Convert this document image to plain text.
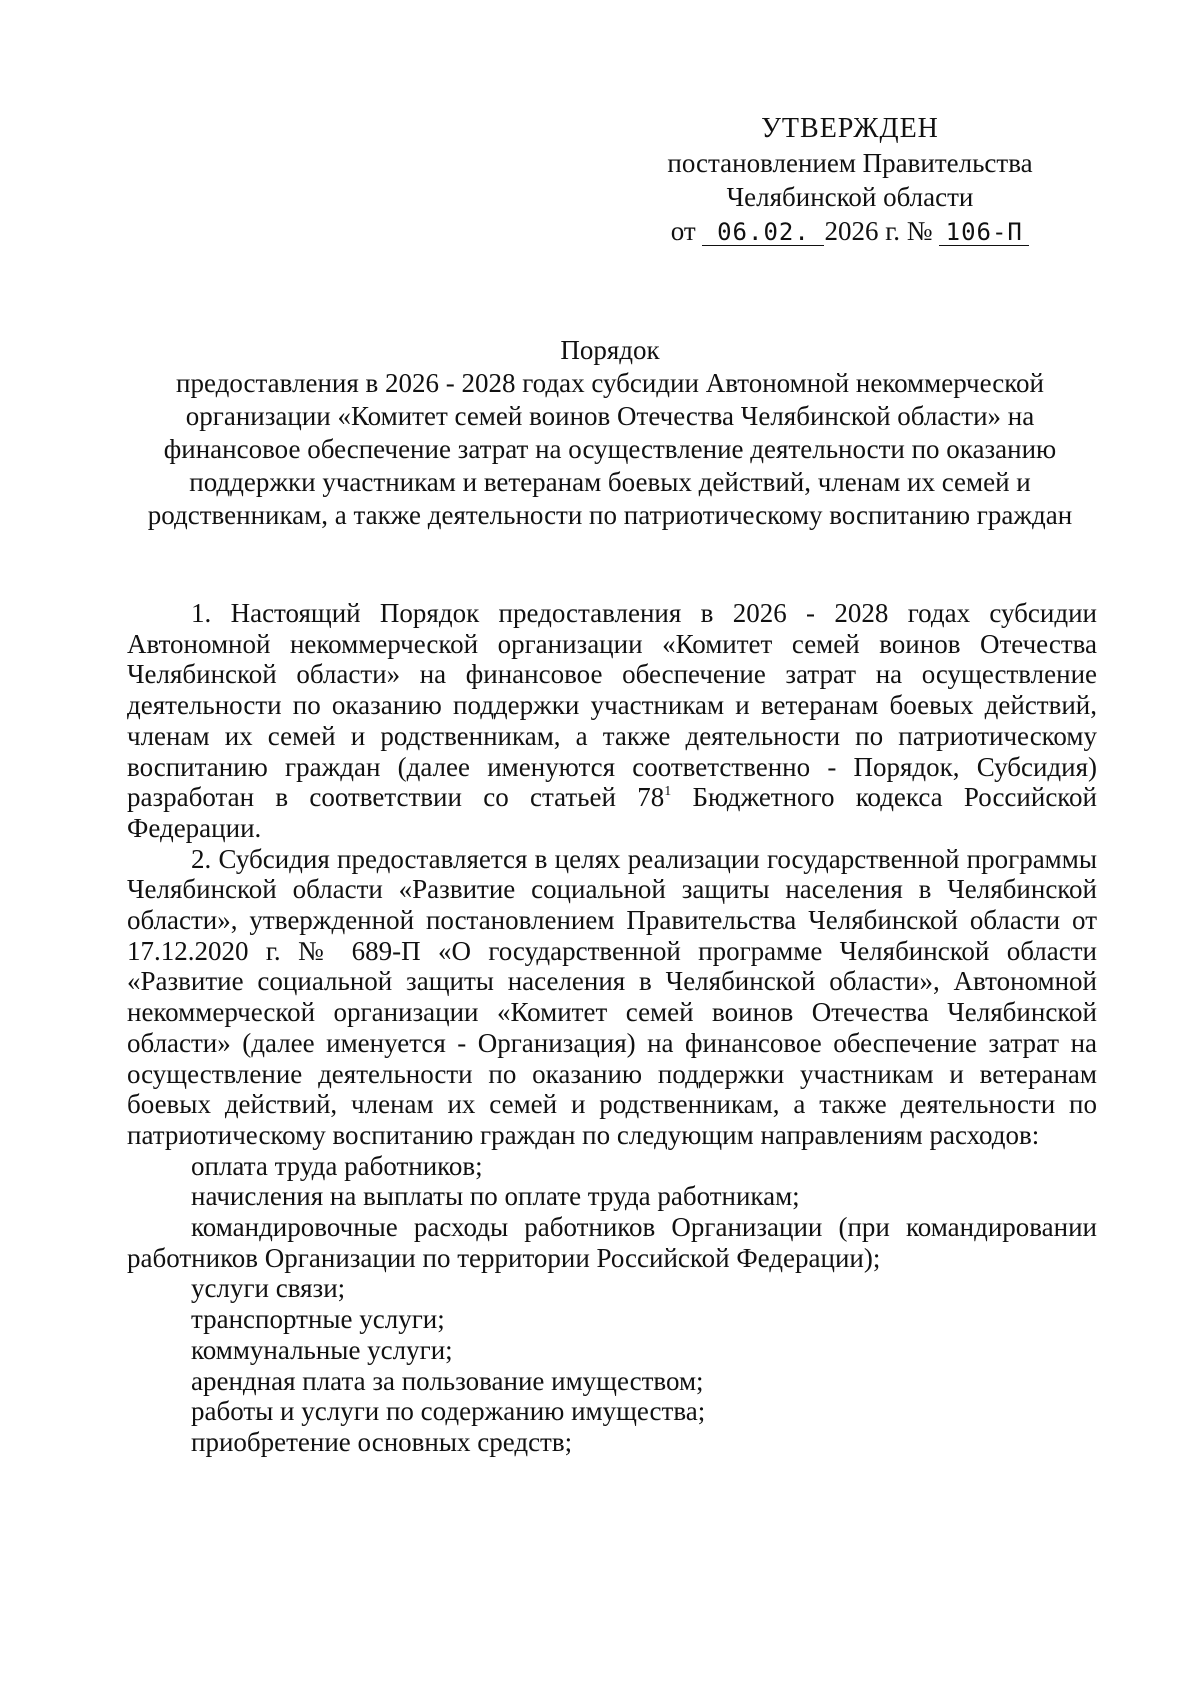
УТВЕРЖДЕН
постановлением Правительства
Челябинской области
от 06.02. 2026 г. № 106-П
Порядок
предоставления в 2026 - 2028 годах субсидии Автономной некоммерческой
организации «Комитет семей воинов Отечества Челябинской области» на
финансовое обеспечение затрат на осуществление деятельности по оказанию
поддержки участникам и ветеранам боевых действий, членам их семей и
родственникам, а также деятельности по патриотическому воспитанию граждан

1. Настоящий Порядок предоставления в 2026 - 2028 годах субсидии Автономной некоммерческой организации «Комитет семей воинов Отечества Челябинской области» на финансовое обеспечение затрат на осуществление деятельности по оказанию поддержки участникам и ветеранам боевых действий, членам их семей и родственникам, а также деятельности по патриотическому воспитанию граждан (далее именуются соответственно - Порядок, Субсидия) разработан в соответствии со статьей $78^1$ Бюджетного кодекса Российской Федерации.

2. Субсидия предоставляется в целях реализации государственной программы Челябинской области «Развитие социальной защиты населения в Челябинской области», утвержденной постановлением Правительства Челябинской области от 17.12.2020 г. № 689-П «О государственной программе Челябинской области «Развитие социальной защиты населения в Челябинской области», Автономной некоммерческой организации «Комитет семей воинов Отечества Челябинской области» (далее именуется - Организация) на финансовое обеспечение затрат на осуществление деятельности по оказанию поддержки участникам и ветеранам боевых действий, членам их семей и родственникам, а также деятельности по патриотическому воспитанию граждан по следующим направлениям расходов:

оплата труда работников;

начисления на выплаты по оплате труда работникам;

командировочные расходы работников Организации (при командировании работников Организации по территории Российской Федерации);

услуги связи;

транспортные услуги;

коммунальные услуги;

арендная плата за пользование имуществом;

работы и услуги по содержанию имущества;

приобретение основных средств;
